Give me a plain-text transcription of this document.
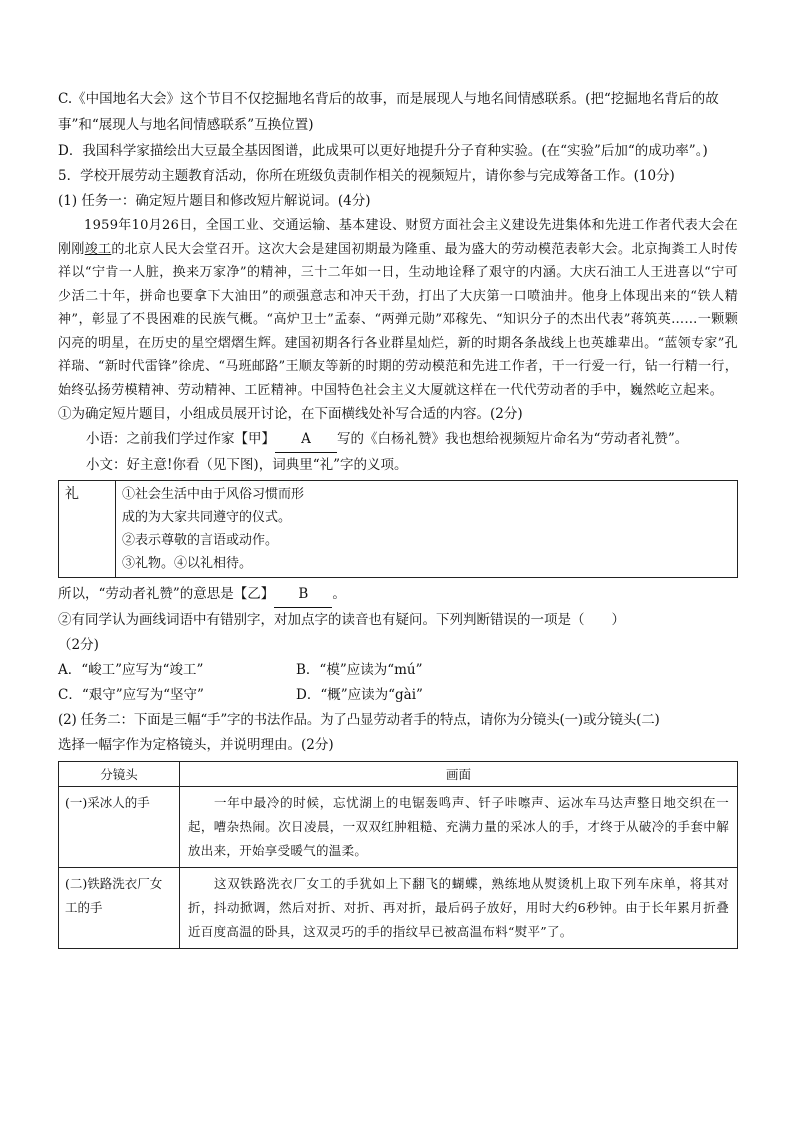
C.《中国地名大会》这个节目不仅挖掘地名背后的故事，而是展现人与地名间情感联系。(把“挖掘地名背后的故事”和“展现人与地名间情感联系”互换位置)

D．我国科学家描绘出大豆最全基因图谱，此成果可以更好地提升分子育种实验。(在“实验”后加“的成功率”。)

5．学校开展劳动主题教育活动，你所在班级负责制作相关的视频短片，请你参与完成筹备工作。(10分)

(1) 任务一：确定短片题目和修改短片解说词。(4分)

1959年10月26日，全国工业、交通运输、基本建设、财贸方面社会主义建设先进集体和先进工作者代表大会在刚刚竣工的北京人民大会堂召开。这次大会是建国初期最为隆重、最为盛大的劳动模范表彰大会。北京掏粪工人时传祥以“宁肯一人脏，换来万家净”的精神，三十二年如一日，生动地诠释了艰守的内涵。大庆石油工人王进喜以“宁可少活二十年，拼命也要拿下大油田”的顽强意志和冲天干劲，打出了大庆第一口喷油井。他身上体现出来的“铁人精神”，彰显了不畏困难的民族气概。“高炉卫士”孟泰、“两弹元勋”邓稼先、“知识分子的杰出代表”蒋筑英……一颗颗闪亮的明星，在历史的星空熠熠生辉。建国初期各行各业群星灿烂，新的时期各条战线上也英雄辈出。“蓝领专家”孔祥瑞、“新时代雷锋”徐虎、“马班邮路”王顺友等新的时期的劳动模范和先进工作者，干一行爱一行，钻一行精一行，始终弘扬劳模精神、劳动精神、工匠精神。中国特色社会主义大厦就这样在一代代劳动者的手中，巍然屹立起来。

①为确定短片题目，小组成员展开讨论，在下面横线处补写合适的内容。(2分)

小语：之前我们学过作家【甲】 A 写的《白杨礼赞》我也想给视频短片命名为“劳动者礼赞”。

小文：好主意!你看（见下图)，词典里“礼”字的义项。

礼	①社会生活中由于风俗习惯而形
成的为大家共同遵守的仪式。
②表示尊敬的言语或动作。
③礼物。④以礼相待。

所以，“劳动者礼赞”的意思是【乙】 B 。

②有同学认为画线词语中有错别字，对加点字的读音也有疑问。下列判断错误的一项是（　　）

（2分)

A．“峻工”应写为“竣工”	B．“模”应读为“mú”
C．“艰守”应写为“坚守”	D．“概”应读为“gài”

(2) 任务二：下面是三幅“手”字的书法作品。为了凸显劳动者手的特点，请你为分镜头(一)或分镜头(二)

选择一幅字作为定格镜头，并说明理由。(2分)

分镜头	画面
(一)采冰人的手	一年中最冷的时候，忘忧湖上的电锯轰鸣声、钎子咔嚓声、运冰车马达声整日地交织在一起，嘈杂热闹。次日凌晨，一双双红肿粗糙、充满力量的采冰人的手，才终于从破冷的手套中解放出来，开始享受暖气的温柔。
(二)铁路洗衣厂女工的手	这双铁路洗衣厂女工的手犹如上下翻飞的蝴蝶，熟练地从熨烫机上取下列车床单，将其对折，抖动掀调，然后对折、对折、再对折，最后码子放好，用时大约6秒钟。由于长年累月折叠近百度高温的卧具，这双灵巧的手的指纹早已被高温布料“熨平”了。
